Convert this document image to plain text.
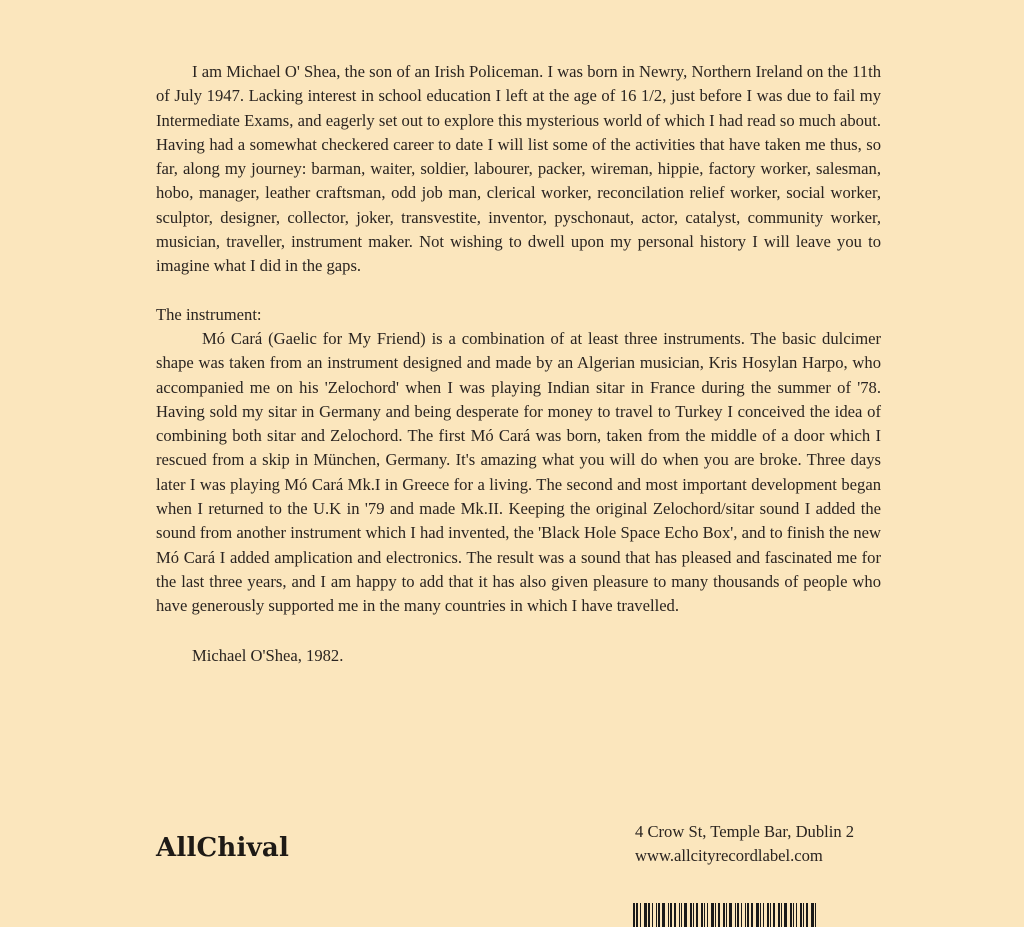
I am Michael O' Shea, the son of an Irish Policeman. I was born in Newry, Northern Ireland on the 11th of July 1947. Lacking interest in school education I left at the age of 16 1/2, just before I was due to fail my Intermediate Exams, and eagerly set out to explore this mysterious world of which I had read so much about. Having had a somewhat checkered career to date I will list some of the activities that have taken me thus, so far, along my journey: barman, waiter, soldier, labourer, packer, wireman, hippie, factory worker, salesman, hobo, manager, leather craftsman, odd job man, clerical worker, reconcilation relief worker, social worker, sculptor, designer, collector, joker, transvestite, inventor, pyschonaut, actor, catalyst, community worker, musician, traveller, instrument maker. Not wishing to dwell upon my personal history I will leave you to imagine what I did in the gaps.

The instrument:

Mó Cará (Gaelic for My Friend) is a combination of at least three instruments. The basic dulcimer shape was taken from an instrument designed and made by an Algerian musician, Kris Hosylan Harpo, who accompanied me on his 'Zelochord' when I was playing Indian sitar in France during the summer of '78. Having sold my sitar in Germany and being desperate for money to travel to Turkey I conceived the idea of combining both sitar and Zelochord. The first Mó Cará was born, taken from the middle of a door which I rescued from a skip in München, Germany. It's amazing what you will do when you are broke. Three days later I was playing Mó Cará Mk.I in Greece for a living. The second and most important development began when I returned to the U.K in '79 and made Mk.II. Keeping the original Zelochord/sitar sound I added the sound from another instrument which I had invented, the 'Black Hole Space Echo Box', and to finish the new Mó Cará I added amplication and electronics. The result was a sound that has pleased and fascinated me for the last three years, and I am happy to add that it has also given pleasure to many thousands of people who have generously supported me in the many countries in which I have travelled.

Michael O'Shea, 1982.

AllChival
4 Crow St, Temple Bar, Dublin 2
www.allcityrecordlabel.com
